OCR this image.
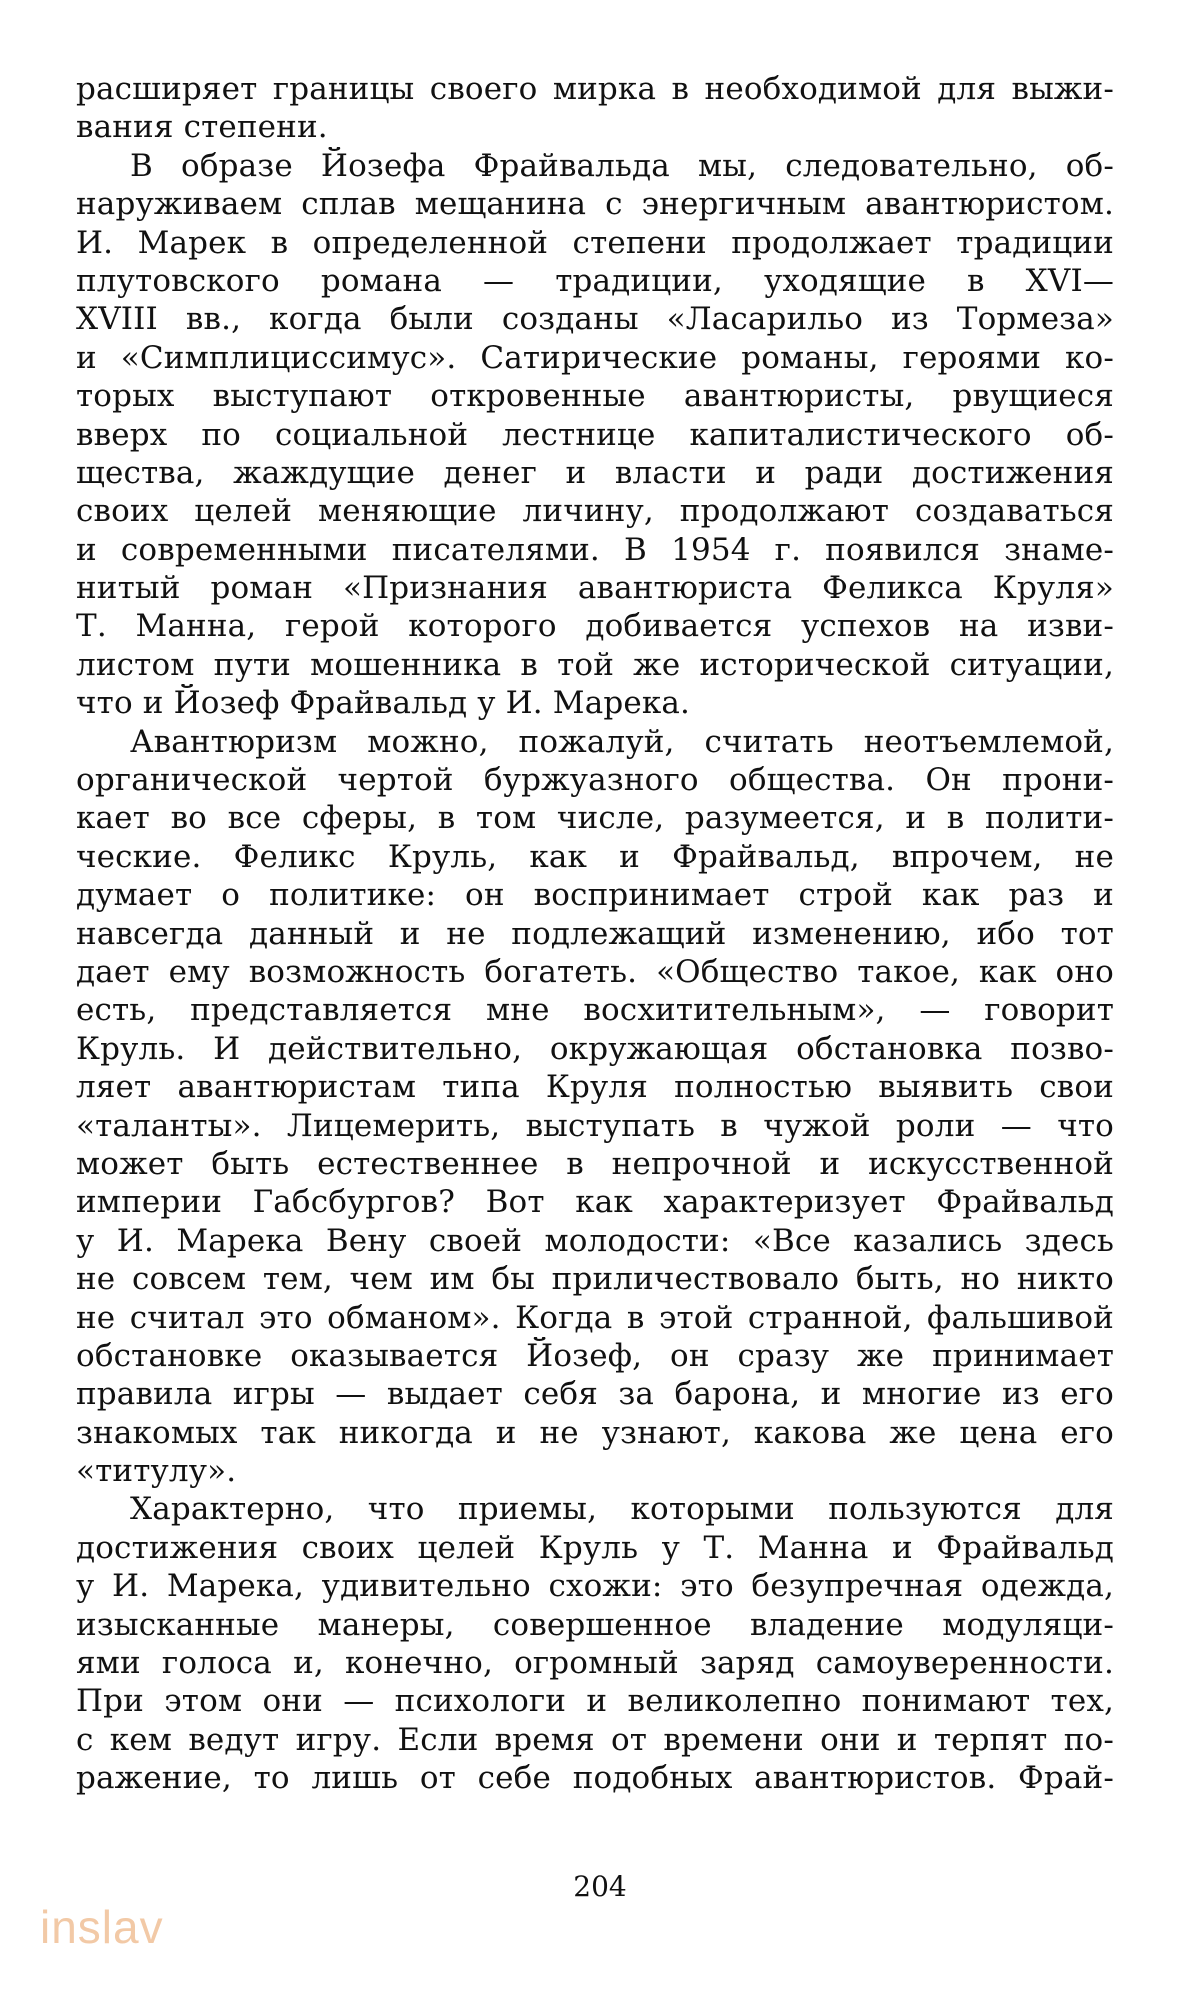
расширяет границы своего мирка в необходимой для выжи-
вания степени.

В образе Йозефа Фрайвальда мы, следовательно, об-
наруживаем сплав мещанина с энергичным авантюристом.
И. Марек в определенной степени продолжает традиции
плутовского романа — традиции, уходящие в XVI—
XVIII вв., когда были созданы «Ласарильо из Тормеза»
и «Симплициссимус». Сатирические романы, героями ко-
торых выступают откровенные авантюристы, рвущиеся
вверх по социальной лестнице капиталистического об-
щества, жаждущие денег и власти и ради достижения
своих целей меняющие личину, продолжают создаваться
и современными писателями. В 1954 г. появился знаме-
нитый роман «Признания авантюриста Феликса Круля»
Т. Манна, герой которого добивается успехов на изви-
листом пути мошенника в той же исторической ситуации,
что и Йозеф Фрайвальд у И. Марека.

Авантюризм можно, пожалуй, считать неотъемлемой,
органической чертой буржуазного общества. Он прони-
кает во все сферы, в том числе, разумеется, и в полити-
ческие. Феликс Круль, как и Фрайвальд, впрочем, не
думает о политике: он воспринимает строй как раз и
навсегда данный и не подлежащий изменению, ибо тот
дает ему возможность богатеть. «Общество такое, как оно
есть, представляется мне восхитительным», — говорит
Круль. И действительно, окружающая обстановка позво-
ляет авантюристам типа Круля полностью выявить свои
«таланты». Лицемерить, выступать в чужой роли — что
может быть естественнее в непрочной и искусственной
империи Габсбургов? Вот как характеризует Фрайвальд
у И. Марека Вену своей молодости: «Все казались здесь
не совсем тем, чем им бы приличествовало быть, но никто
не считал это обманом». Когда в этой странной, фальшивой
обстановке оказывается Йозеф, он сразу же принимает
правила игры — выдает себя за барона, и многие из его
знакомых так никогда и не узнают, какова же цена его
«титулу».

Характерно, что приемы, которыми пользуются для
достижения своих целей Круль у Т. Манна и Фрайвальд
у И. Марека, удивительно схожи: это безупречная одежда,
изысканные манеры, совершенное владение модуляци-
ями голоса и, конечно, огромный заряд самоуверенности.
При этом они — психологи и великолепно понимают тех,
с кем ведут игру. Если время от времени они и терпят по-
ражение, то лишь от себе подобных авантюристов. Фрай-

204
inslav
